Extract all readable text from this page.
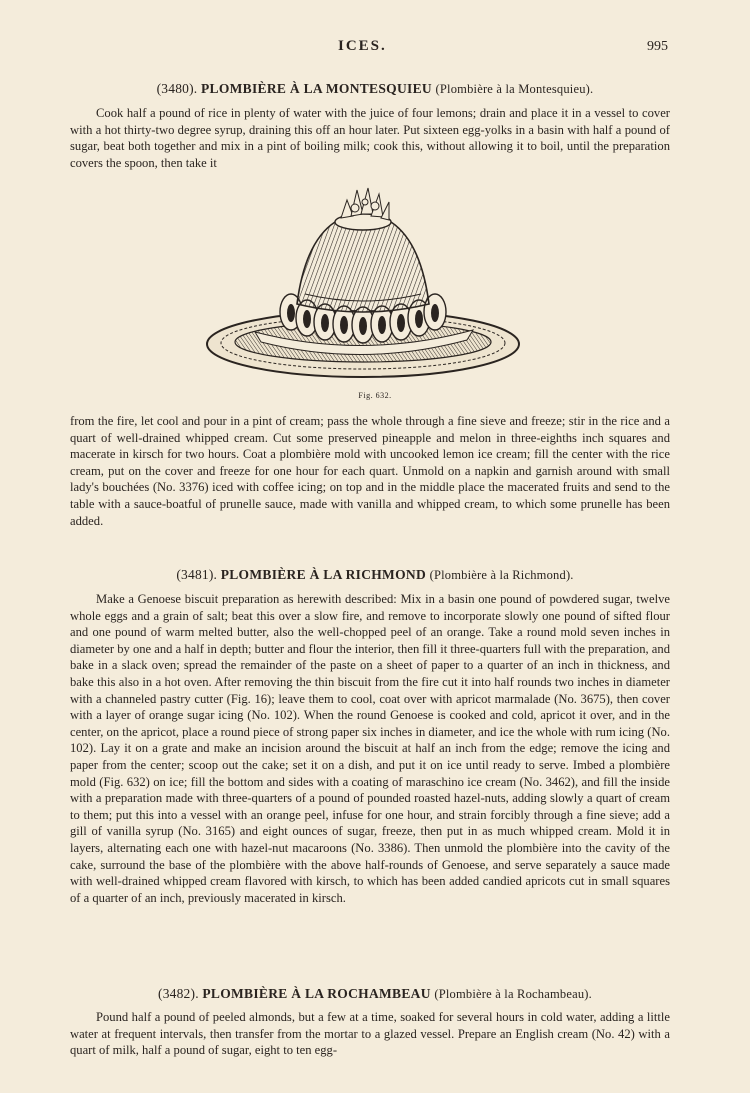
ICES.	995
(3480). PLOMBIÈRE À LA MONTESQUIEU (Plombière à la Montesquieu).

Cook half a pound of rice in plenty of water with the juice of four lemons; drain and place it in a vessel to cover with a hot thirty-two degree syrup, draining this off an hour later. Put sixteen egg-yolks in a basin with half a pound of sugar, beat both together and mix in a pint of boiling milk; cook this, without allowing it to boil, until the preparation covers the spoon, then take it

Fig. 632.

from the fire, let cool and pour in a pint of cream; pass the whole through a fine sieve and freeze; stir in the rice and a quart of well-drained whipped cream. Cut some preserved pineapple and melon in three-eighths inch squares and macerate in kirsch for two hours. Coat a plombière mold with uncooked lemon ice cream; fill the center with the rice cream, put on the cover and freeze for one hour for each quart. Unmold on a napkin and garnish around with small lady's bouchées (No. 3376) iced with coffee icing; on top and in the middle place the macerated fruits and send to the table with a sauce-boatful of prunelle sauce, made with vanilla and whipped cream, to which some prunelle has been added.

(3481). PLOMBIÈRE À LA RICHMOND (Plombière à la Richmond).

Make a Genoese biscuit preparation as herewith described: Mix in a basin one pound of powdered sugar, twelve whole eggs and a grain of salt; beat this over a slow fire, and remove to incorporate slowly one pound of sifted flour and one pound of warm melted butter, also the well-chopped peel of an orange. Take a round mold seven inches in diameter by one and a half in depth; butter and flour the interior, then fill it three-quarters full with the preparation, and bake in a slack oven; spread the remainder of the paste on a sheet of paper to a quarter of an inch in thickness, and bake this also in a hot oven. After removing the thin biscuit from the fire cut it into half rounds two inches in diameter with a channeled pastry cutter (Fig. 16); leave them to cool, coat over with apricot marmalade (No. 3675), then cover with a layer of orange sugar icing (No. 102). When the round Genoese is cooked and cold, apricot it over, and in the center, on the apricot, place a round piece of strong paper six inches in diameter, and ice the whole with rum icing (No. 102). Lay it on a grate and make an incision around the biscuit at half an inch from the edge; remove the icing and paper from the center; scoop out the cake; set it on a dish, and put it on ice until ready to serve. Imbed a plombière mold (Fig. 632) on ice; fill the bottom and sides with a coating of maraschino ice cream (No. 3462), and fill the inside with a preparation made with three-quarters of a pound of pounded roasted hazel-nuts, adding slowly a quart of cream to them; put this into a vessel with an orange peel, infuse for one hour, and strain forcibly through a fine sieve; add a gill of vanilla syrup (No. 3165) and eight ounces of sugar, freeze, then put in as much whipped cream. Mold it in layers, alternating each one with hazel-nut macaroons (No. 3386). Then unmold the plombière into the cavity of the cake, surround the base of the plombière with the above half-rounds of Genoese, and serve separately a sauce made with well-drained whipped cream flavored with kirsch, to which has been added candied apricots cut in small squares of a quarter of an inch, previously macerated in kirsch.

(3482). PLOMBIÈRE À LA ROCHAMBEAU (Plombière à la Rochambeau).

Pound half a pound of peeled almonds, but a few at a time, soaked for several hours in cold water, adding a little water at frequent intervals, then transfer from the mortar to a glazed vessel. Prepare an English cream (No. 42) with a quart of milk, half a pound of sugar, eight to ten egg-
